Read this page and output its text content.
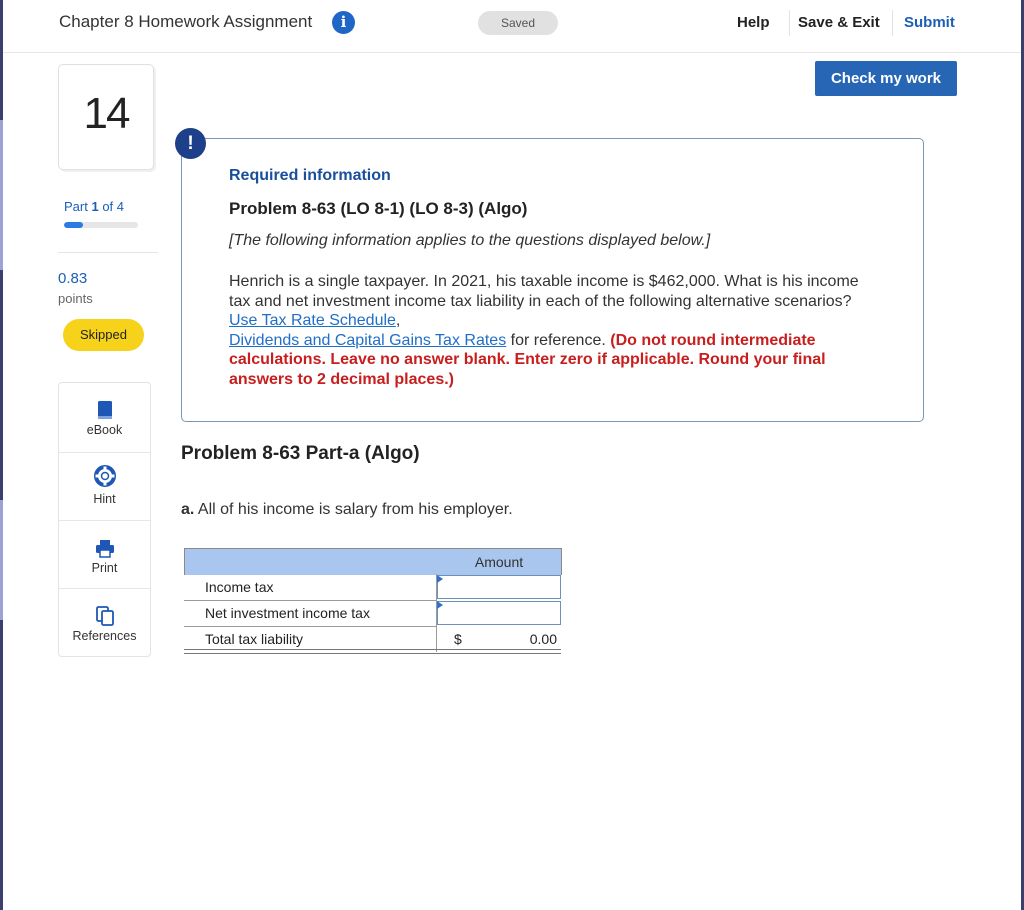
Chapter 8 Homework Assignment	i	Saved	Help Save & Exit Submit
Check my work
14
Part 1 of 4
0.83
points
Skipped
eBook
Hint
Print
References
!
Required information
Problem 8-63 (LO 8-1) (LO 8-3) (Algo)
[The following information applies to the questions displayed below.]
Henrich is a single taxpayer. In 2021, his taxable income is $462,000. What is his income tax and net investment income tax liability in each of the following alternative scenarios? Use Tax Rate Schedule,
Dividends and Capital Gains Tax Rates for reference. (Do not round intermediate calculations. Leave no answer blank. Enter zero if applicable. Round your final answers to 2 decimal places.)
Problem 8-63 Part-a (Algo)
a. All of his income is salary from his employer.
Amount
Income tax
Net investment income tax
Total tax liability	$	0.00
